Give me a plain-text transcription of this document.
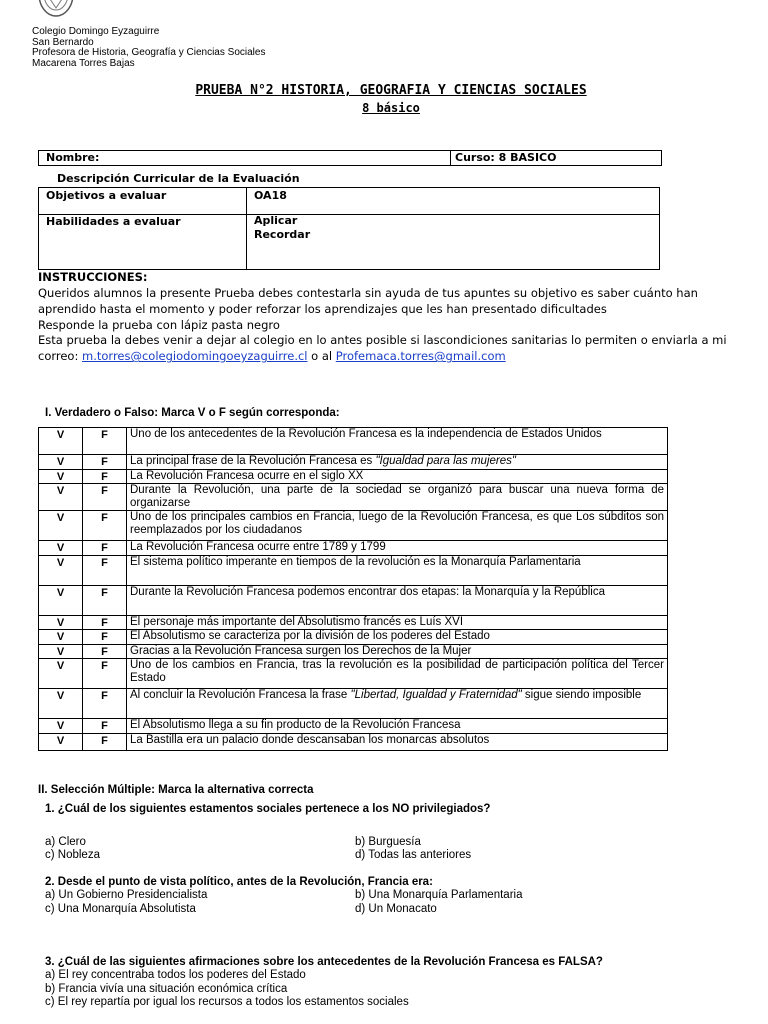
Colegio Domingo Eyzaguirre
San Bernardo
Profesora de Historia, Geografía y Ciencias Sociales
Macarena Torres Bajas
PRUEBA N°2 HISTORIA, GEOGRAFIA Y CIENCIAS SOCIALES
8 básico
Nombre:	Curso: 8 BASICO
Descripción Curricular de la Evaluación
Objetivos a evaluar	OA18
Habilidades a evaluar	Aplicar
Recordar
INSTRUCCIONES:
Queridos alumnos la presente Prueba debes contestarla sin ayuda de tus apuntes su objetivo es saber cuánto han aprendido hasta el momento y poder reforzar los aprendizajes que les han presentado dificultades
Responde la prueba con lápiz pasta negro
Esta prueba la debes venir a dejar al colegio en lo antes posible si lascondiciones sanitarias lo permiten o enviarla a mi correo: m.torres@colegiodomingoeyzaguirre.cl o al Profemaca.torres@gmail.com
I. Verdadero o Falso: Marca V o F según corresponda:
V	F	Uno de los antecedentes de la Revolución Francesa es la independencia de Estados Unidos
V	F	La principal frase de la Revolución Francesa es "Igualdad para las mujeres"
V	F	La Revolución Francesa ocurre en el siglo XX
V	F	Durante la Revolución, una parte de la sociedad se organizó para buscar una nueva forma de organizarse
V	F	Uno de los principales cambios en Francia, luego de la Revolución Francesa, es que Los súbditos son reemplazados por los ciudadanos
V	F	La Revolución Francesa ocurre entre 1789 y 1799
V	F	El sistema político imperante en tiempos de la revolución es la Monarquía Parlamentaria
V	F	Durante la Revolución Francesa podemos encontrar dos etapas: la Monarquía y la República
V	F	El personaje más importante del Absolutismo francés es Luís XVI
V	F	El Absolutismo se caracteriza por la división de los poderes del Estado
V	F	Gracias a la Revolución Francesa surgen los Derechos de la Mujer
V	F	Uno de los cambios en Francia, tras la revolución es la posibilidad de participación política del Tercer Estado
V	F	Al concluir la Revolución Francesa la frase "Libertad, Igualdad y Fraternidad" sigue siendo imposible
V	F	El Absolutismo llega a su fin producto de la Revolución Francesa
V	F	La Bastilla era un palacio donde descansaban los monarcas absolutos
II. Selección Múltiple: Marca la alternativa correcta
1. ¿Cuál de los siguientes estamentos sociales pertenece a los NO privilegiados?
a) Clero	b) Burguesía
c) Nobleza	d) Todas las anteriores
2. Desde el punto de vista político, antes de la Revolución, Francia era:
a) Un Gobierno Presidencialista	b) Una Monarquía Parlamentaria
c) Una Monarquía Absolutista	d) Un Monacato
3. ¿Cuál de las siguientes afirmaciones sobre los antecedentes de la Revolución Francesa es FALSA?
a) El rey concentraba todos los poderes del Estado
b) Francia vivía una situación económica crítica
c) El rey repartía por igual los recursos a todos los estamentos sociales
